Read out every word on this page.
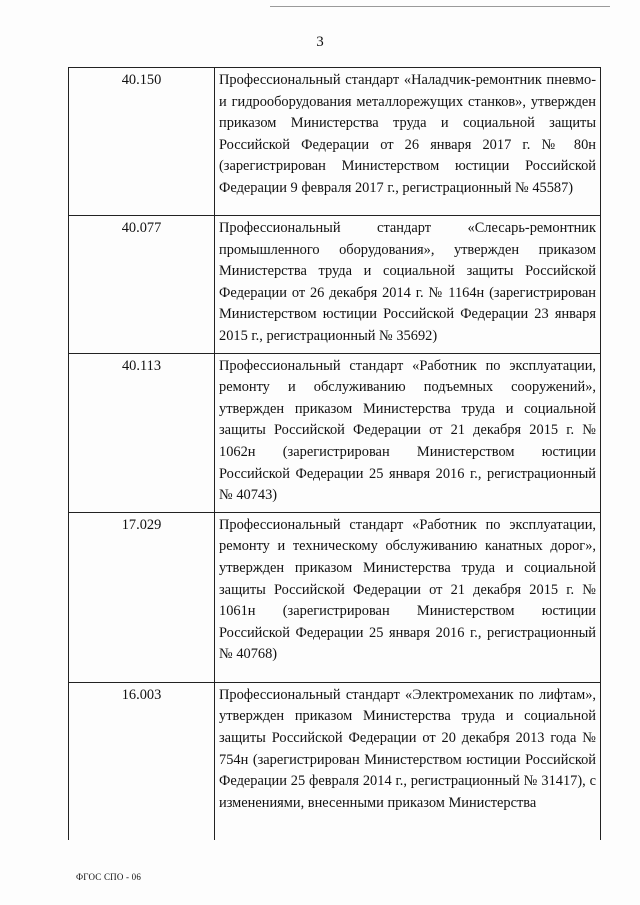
3
40.150	Профессиональный стандарт «Наладчик-ремонтник пневмо- и гидрооборудования металлорежущих станков», утвержден приказом Министерства труда и социальной защиты Российской Федерации от 26 января 2017 г. № 80н (зарегистрирован Министерством юстиции Российской Федерации 9 февраля 2017 г., регистрационный № 45587)
40.077	Профессиональный стандарт «Слесарь-ремонтник промышленного оборудования», утвержден приказом Министерства труда и социальной защиты Российской Федерации от 26 декабря 2014 г. № 1164н (зарегистрирован Министерством юстиции Российской Федерации 23 января 2015 г., регистрационный № 35692)
40.113	Профессиональный стандарт «Работник по эксплуатации, ремонту и обслуживанию подъемных сооружений», утвержден приказом Министерства труда и социальной защиты Российской Федерации от 21 декабря 2015 г. № 1062н (зарегистрирован Министерством юстиции Российской Федерации 25 января 2016 г., регистрационный № 40743)
17.029	Профессиональный стандарт «Работник по эксплуатации, ремонту и техническому обслуживанию канатных дорог», утвержден приказом Министерства труда и социальной защиты Российской Федерации от 21 декабря 2015 г. № 1061н (зарегистрирован Министерством юстиции Российской Федерации 25 января 2016 г., регистрационный № 40768)
16.003	Профессиональный стандарт «Электромеханик по лифтам», утвержден приказом Министерства труда и социальной защиты Российской Федерации от 20 декабря 2013 года № 754н (зарегистрирован Министерством юстиции Российской Федерации 25 февраля 2014 г., регистрационный № 31417), с изменениями, внесенными приказом Министерства
ФГОС СПО - 06
